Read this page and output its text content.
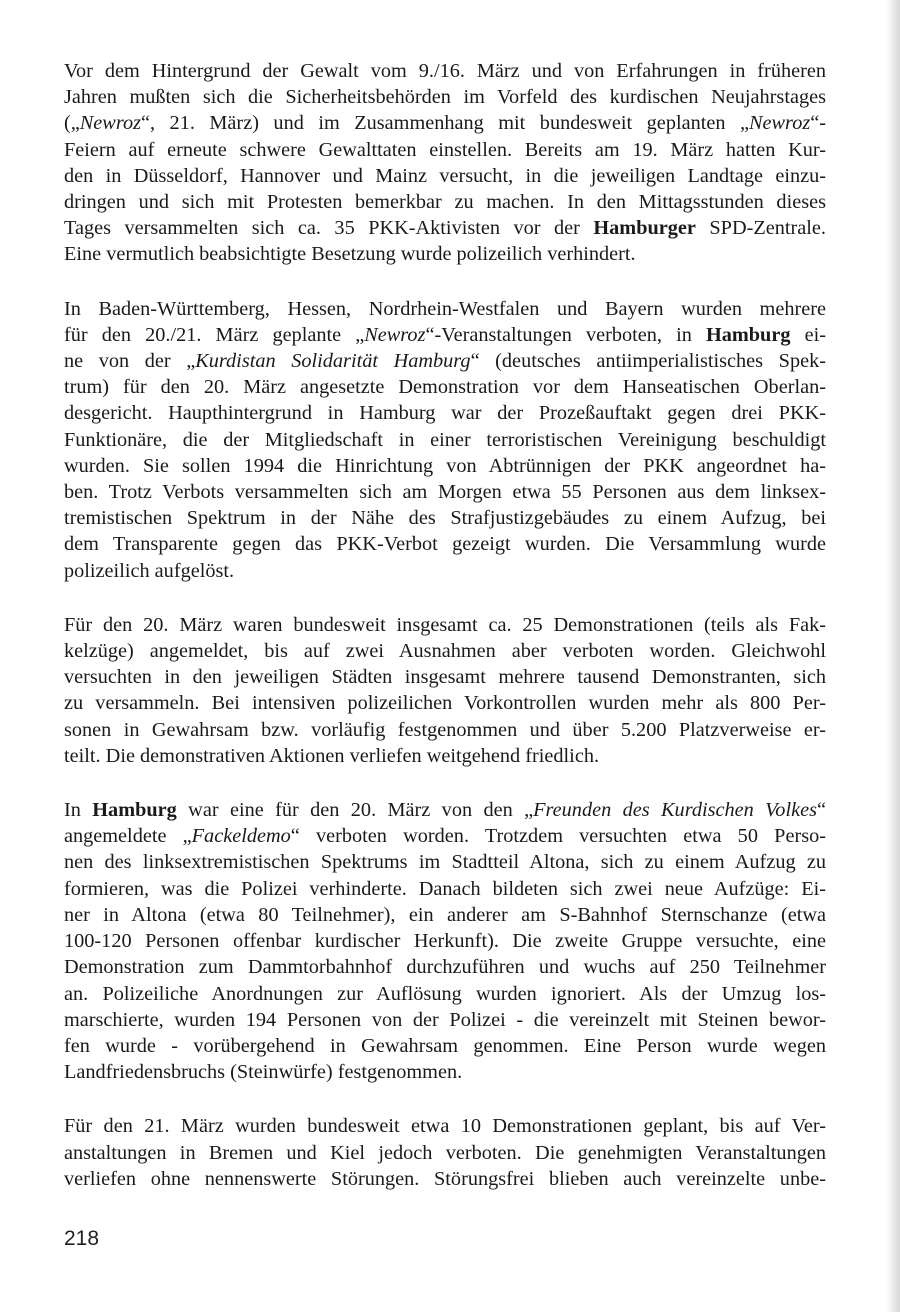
Vor dem Hintergrund der Gewalt vom 9./16. März und von Erfahrungen in früheren
Jahren mußten sich die Sicherheitsbehörden im Vorfeld des kurdischen Neujahrstages
(„Newroz“, 21. März) und im Zusammenhang mit bundesweit geplanten „Newroz“-
Feiern auf erneute schwere Gewalttaten einstellen. Bereits am 19. März hatten Kur-
den in Düsseldorf, Hannover und Mainz versucht, in die jeweiligen Landtage einzu-
dringen und sich mit Protesten bemerkbar zu machen. In den Mittagsstunden dieses
Tages versammelten sich ca. 35 PKK-Aktivisten vor der Hamburger SPD-Zentrale.
Eine vermutlich beabsichtigte Besetzung wurde polizeilich verhindert.

In Baden-Württemberg, Hessen, Nordrhein-Westfalen und Bayern wurden mehrere
für den 20./21. März geplante „Newroz“-Veranstaltungen verboten, in Hamburg ei-
ne von der „Kurdistan Solidarität Hamburg“ (deutsches antiimperialistisches Spek-
trum) für den 20. März angesetzte Demonstration vor dem Hanseatischen Oberlan-
desgericht. Haupthintergrund in Hamburg war der Prozeßauftakt gegen drei PKK-
Funktionäre, die der Mitgliedschaft in einer terroristischen Vereinigung beschuldigt
wurden. Sie sollen 1994 die Hinrichtung von Abtrünnigen der PKK angeordnet ha-
ben. Trotz Verbots versammelten sich am Morgen etwa 55 Personen aus dem linksex-
tremistischen Spektrum in der Nähe des Strafjustizgebäudes zu einem Aufzug, bei
dem Transparente gegen das PKK-Verbot gezeigt wurden. Die Versammlung wurde
polizeilich aufgelöst.

Für den 20. März waren bundesweit insgesamt ca. 25 Demonstrationen (teils als Fak-
kelzüge) angemeldet, bis auf zwei Ausnahmen aber verboten worden. Gleichwohl
versuchten in den jeweiligen Städten insgesamt mehrere tausend Demonstranten, sich
zu versammeln. Bei intensiven polizeilichen Vorkontrollen wurden mehr als 800 Per-
sonen in Gewahrsam bzw. vorläufig festgenommen und über 5.200 Platzverweise er-
teilt. Die demonstrativen Aktionen verliefen weitgehend friedlich.

In Hamburg war eine für den 20. März von den „Freunden des Kurdischen Volkes“
angemeldete „Fackeldemo“ verboten worden. Trotzdem versuchten etwa 50 Perso-
nen des linksextremistischen Spektrums im Stadtteil Altona, sich zu einem Aufzug zu
formieren, was die Polizei verhinderte. Danach bildeten sich zwei neue Aufzüge: Ei-
ner in Altona (etwa 80 Teilnehmer), ein anderer am S-Bahnhof Sternschanze (etwa
100-120 Personen offenbar kurdischer Herkunft). Die zweite Gruppe versuchte, eine
Demonstration zum Dammtorbahnhof durchzuführen und wuchs auf 250 Teilnehmer
an. Polizeiliche Anordnungen zur Auflösung wurden ignoriert. Als der Umzug los-
marschierte, wurden 194 Personen von der Polizei - die vereinzelt mit Steinen bewor-
fen wurde - vorübergehend in Gewahrsam genommen. Eine Person wurde wegen
Landfriedensbruchs (Steinwürfe) festgenommen.

Für den 21. März wurden bundesweit etwa 10 Demonstrationen geplant, bis auf Ver-
anstaltungen in Bremen und Kiel jedoch verboten. Die genehmigten Veranstaltungen
verliefen ohne nennenswerte Störungen. Störungsfrei blieben auch vereinzelte unbe-

218
